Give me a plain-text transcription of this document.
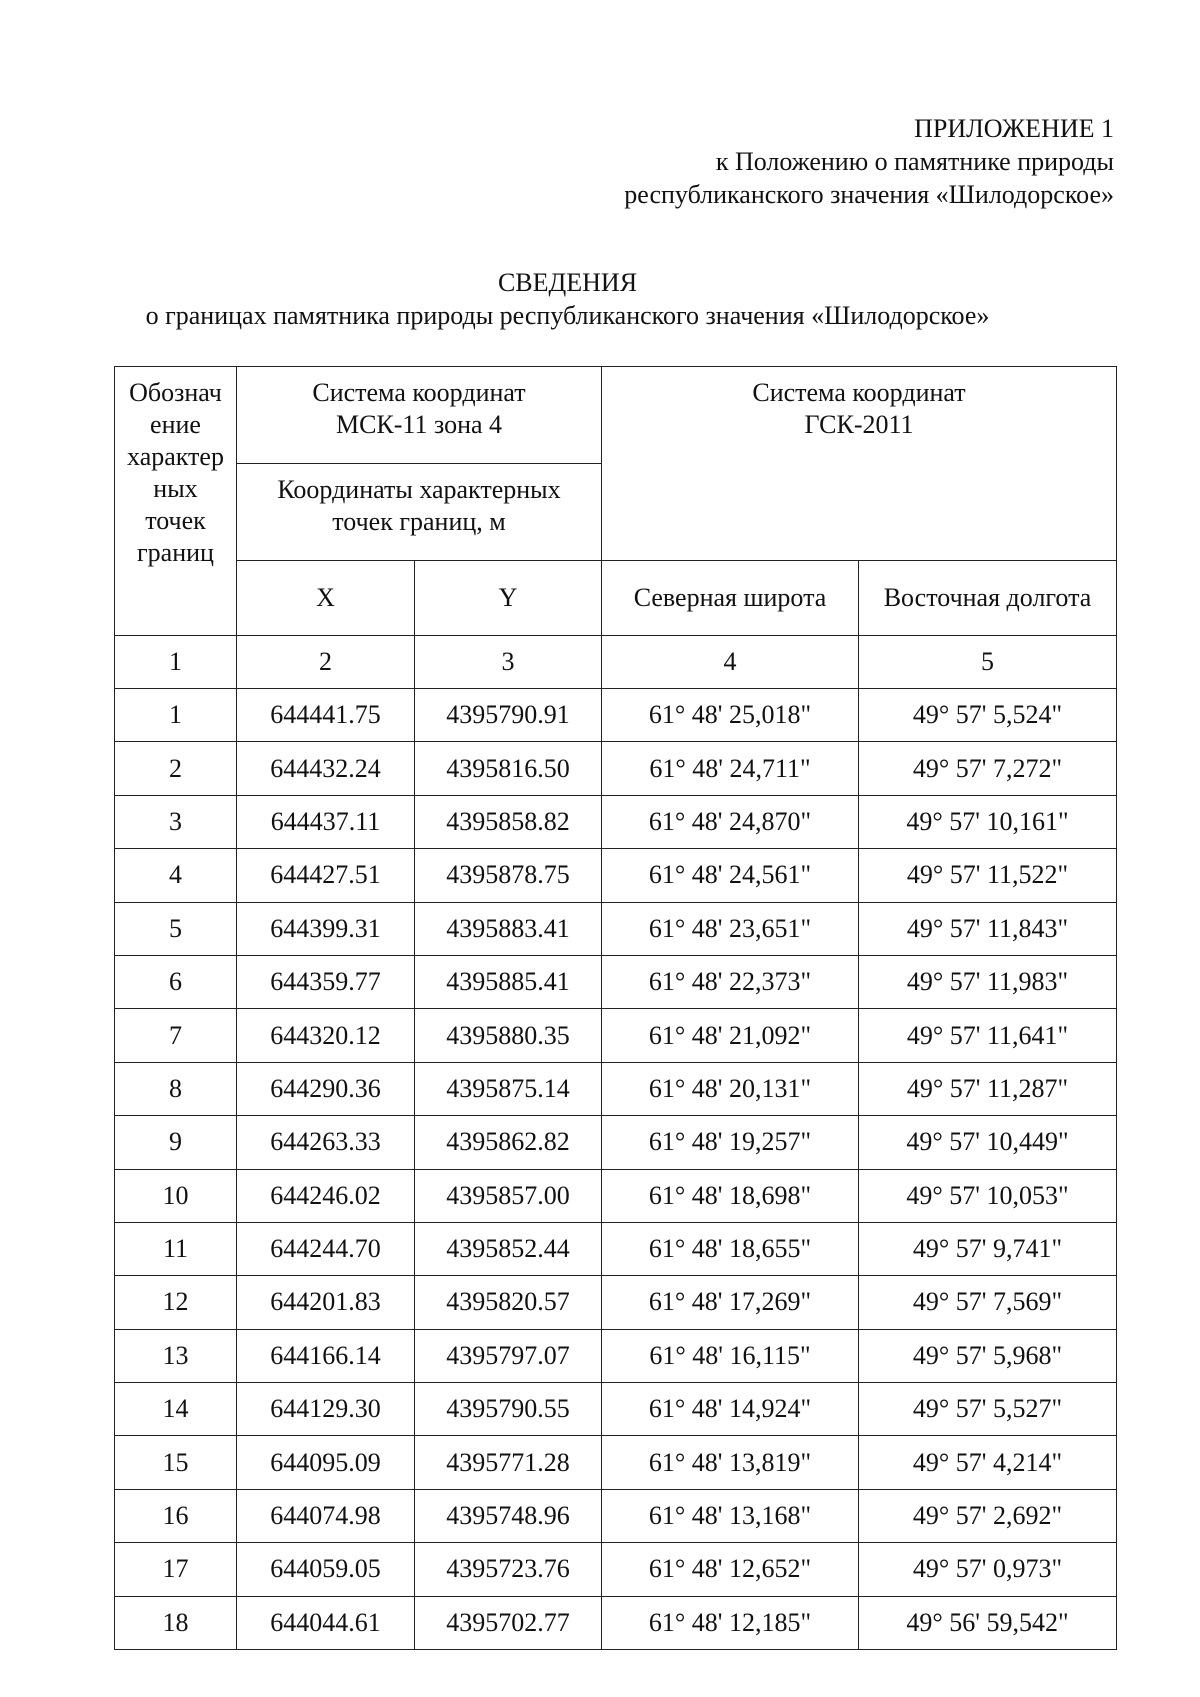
ПРИЛОЖЕНИЕ 1
к Положению о памятнике природы
республиканского значения «Шилодорское»
СВЕДЕНИЯ
о границах памятника природы республиканского значения «Шилодорское»
Обознач ение характер ных точек границ	Система координат МСК-11 зона 4		Система координат ГСК-2011	

	Координаты характерных точек границ, м			

	X	Y	Северная широта	Восточная долгота
1	2	3	4	5
1	644441.75	4395790.91	61° 48' 25,018"	49° 57' 5,524"
2	644432.24	4395816.50	61° 48' 24,711"	49° 57' 7,272"
3	644437.11	4395858.82	61° 48' 24,870"	49° 57' 10,161"
4	644427.51	4395878.75	61° 48' 24,561"	49° 57' 11,522"
5	644399.31	4395883.41	61° 48' 23,651"	49° 57' 11,843"
6	644359.77	4395885.41	61° 48' 22,373"	49° 57' 11,983"
7	644320.12	4395880.35	61° 48' 21,092"	49° 57' 11,641"
8	644290.36	4395875.14	61° 48' 20,131"	49° 57' 11,287"
9	644263.33	4395862.82	61° 48' 19,257"	49° 57' 10,449"
10	644246.02	4395857.00	61° 48' 18,698"	49° 57' 10,053"
11	644244.70	4395852.44	61° 48' 18,655"	49° 57' 9,741"
12	644201.83	4395820.57	61° 48' 17,269"	49° 57' 7,569"
13	644166.14	4395797.07	61° 48' 16,115"	49° 57' 5,968"
14	644129.30	4395790.55	61° 48' 14,924"	49° 57' 5,527"
15	644095.09	4395771.28	61° 48' 13,819"	49° 57' 4,214"
16	644074.98	4395748.96	61° 48' 13,168"	49° 57' 2,692"
17	644059.05	4395723.76	61° 48' 12,652"	49° 57' 0,973"
18	644044.61	4395702.77	61° 48' 12,185"	49° 56' 59,542"
